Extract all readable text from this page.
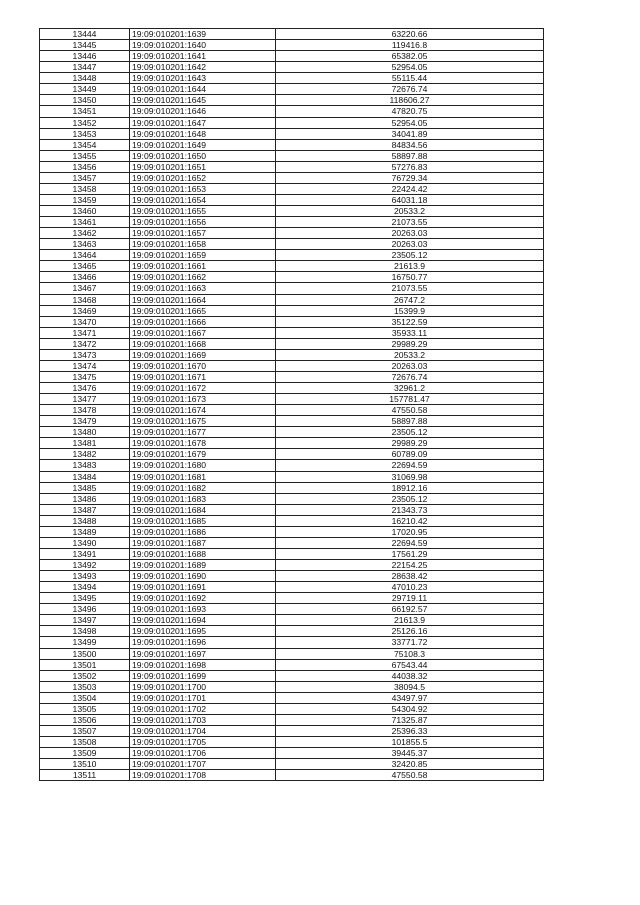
13444	19:09:010201:1639	63220.66
13445	19:09:010201:1640	119416.8
13446	19:09:010201:1641	65382.05
13447	19:09:010201:1642	52954.05
13448	19:09:010201:1643	55115.44
13449	19:09:010201:1644	72676.74
13450	19:09:010201:1645	118606.27
13451	19:09:010201:1646	47820.75
13452	19:09:010201:1647	52954.05
13453	19:09:010201:1648	34041.89
13454	19:09:010201:1649	84834.56
13455	19:09:010201:1650	58897.88
13456	19:09:010201:1651	57276.83
13457	19:09:010201:1652	76729.34
13458	19:09:010201:1653	22424.42
13459	19:09:010201:1654	64031.18
13460	19:09:010201:1655	20533.2
13461	19:09:010201:1656	21073.55
13462	19:09:010201:1657	20263.03
13463	19:09:010201:1658	20263.03
13464	19:09:010201:1659	23505.12
13465	19:09:010201:1661	21613.9
13466	19:09:010201:1662	16750.77
13467	19:09:010201:1663	21073.55
13468	19:09:010201:1664	26747.2
13469	19:09:010201:1665	15399.9
13470	19:09:010201:1666	35122.59
13471	19:09:010201:1667	35933.11
13472	19:09:010201:1668	29989.29
13473	19:09:010201:1669	20533.2
13474	19:09:010201:1670	20263.03
13475	19:09:010201:1671	72676.74
13476	19:09:010201:1672	32961.2
13477	19:09:010201:1673	157781.47
13478	19:09:010201:1674	47550.58
13479	19:09:010201:1675	58897.88
13480	19:09:010201:1677	23505.12
13481	19:09:010201:1678	29989.29
13482	19:09:010201:1679	60789.09
13483	19:09:010201:1680	22694.59
13484	19:09:010201:1681	31069.98
13485	19:09:010201:1682	18912.16
13486	19:09:010201:1683	23505.12
13487	19:09:010201:1684	21343.73
13488	19:09:010201:1685	16210.42
13489	19:09:010201:1686	17020.95
13490	19:09:010201:1687	22694.59
13491	19:09:010201:1688	17561.29
13492	19:09:010201:1689	22154.25
13493	19:09:010201:1690	28638.42
13494	19:09:010201:1691	47010.23
13495	19:09:010201:1692	29719.11
13496	19:09:010201:1693	66192.57
13497	19:09:010201:1694	21613.9
13498	19:09:010201:1695	25126.16
13499	19:09:010201:1696	33771.72
13500	19:09:010201:1697	75108.3
13501	19:09:010201:1698	67543.44
13502	19:09:010201:1699	44038.32
13503	19:09:010201:1700	38094.5
13504	19:09:010201:1701	43497.97
13505	19:09:010201:1702	54304.92
13506	19:09:010201:1703	71325.87
13507	19:09:010201:1704	25396.33
13508	19:09:010201:1705	101855.5
13509	19:09:010201:1706	39445.37
13510	19:09:010201:1707	32420.85
13511	19:09:010201:1708	47550.58
